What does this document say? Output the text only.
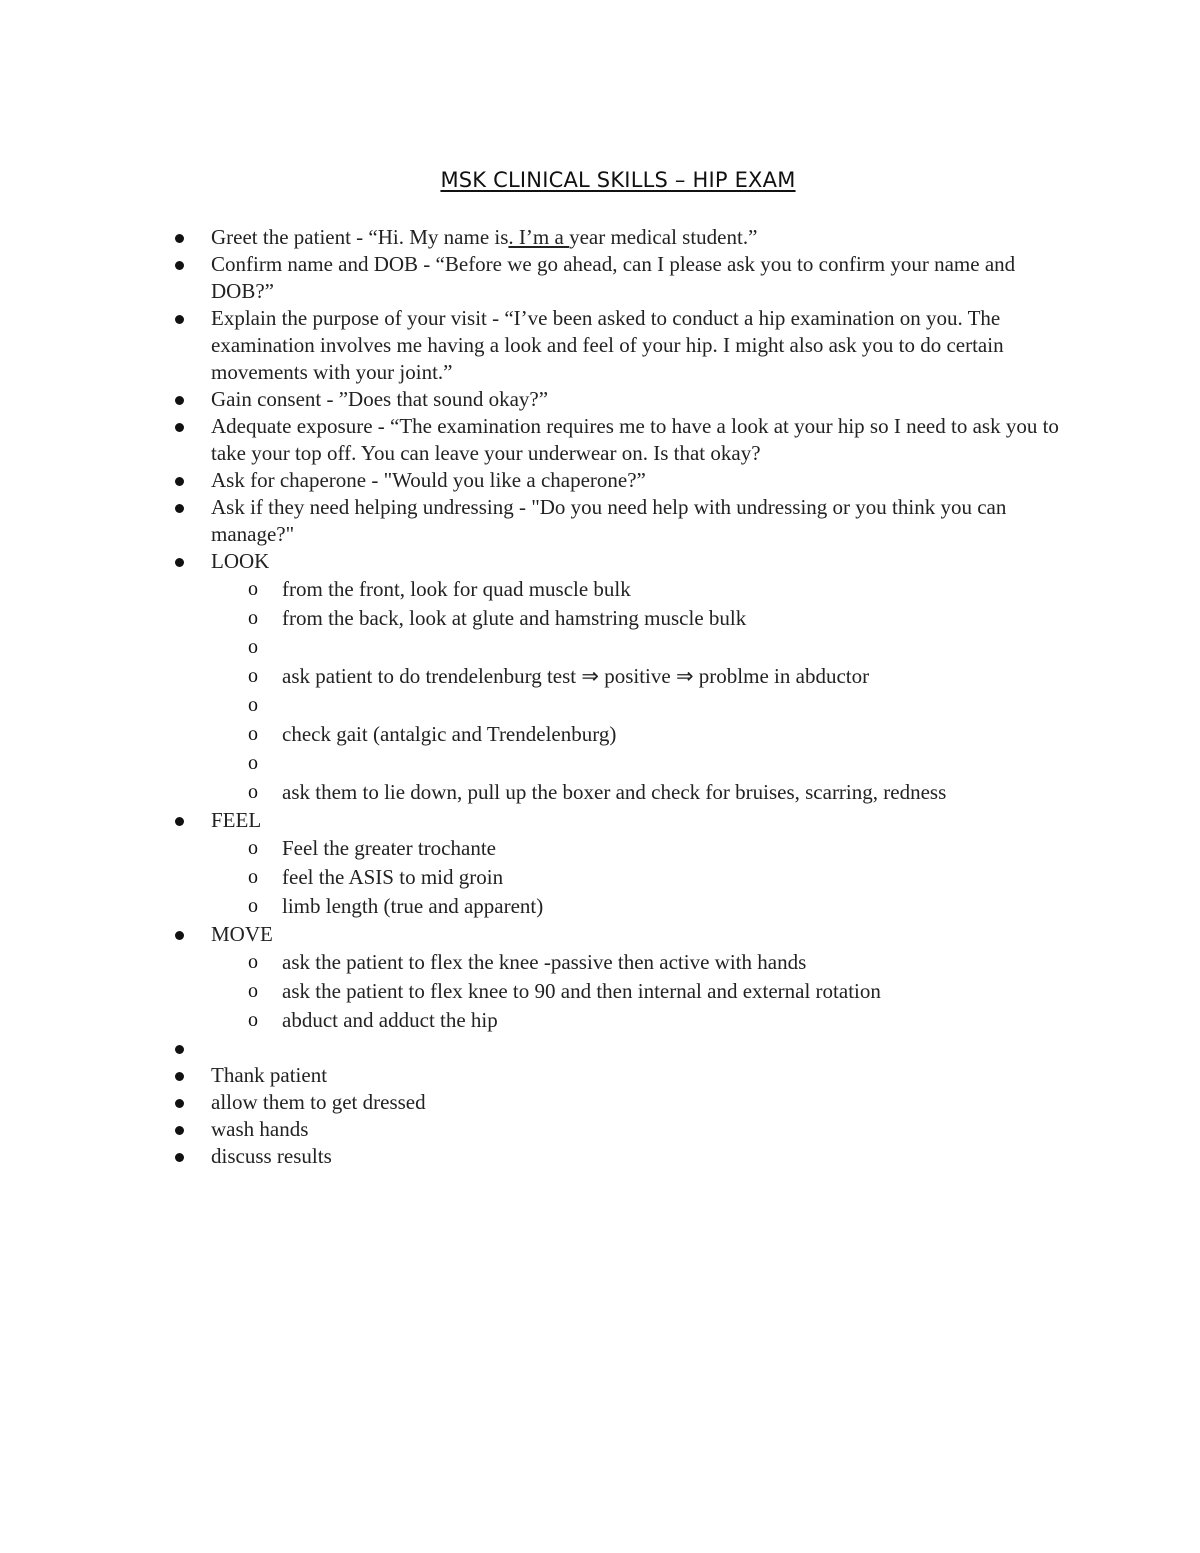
MSK CLINICAL SKILLS – HIP EXAM
Greet the patient - “Hi. My name is. I’m a year medical student.”
Confirm name and DOB - “Before we go ahead, can I please ask you to confirm your name and DOB?”
Explain the purpose of your visit - “I’ve been asked to conduct a hip examination on you. The examination involves me having a look and feel of your hip. I might also ask you to do certain movements with your joint.”
Gain consent - ”Does that sound okay?”
Adequate exposure - “The examination requires me to have a look at your hip so I need to ask you to take your top off. You can leave your underwear on. Is that okay?
Ask for chaperone - "Would you like a chaperone?”
Ask if they need helping undressing - "Do you need help with undressing or you think you can manage?"
LOOK
o from the front, look for quad muscle bulk
o from the back, look at glute and hamstring muscle bulk
o
o ask patient to do trendelenburg test ⇒ positive ⇒ problme in abductor
o
o check gait (antalgic and Trendelenburg)
o
o ask them to lie down, pull up the boxer and check for bruises, scarring, redness
FEEL
o Feel the greater trochante
o feel the ASIS to mid groin
o limb length (true and apparent)
MOVE
o ask the patient to flex the knee -passive then active with hands
o ask the patient to flex knee to 90 and then internal and external rotation
o abduct and adduct the hip
Thank patient
allow them to get dressed
wash hands
discuss results
